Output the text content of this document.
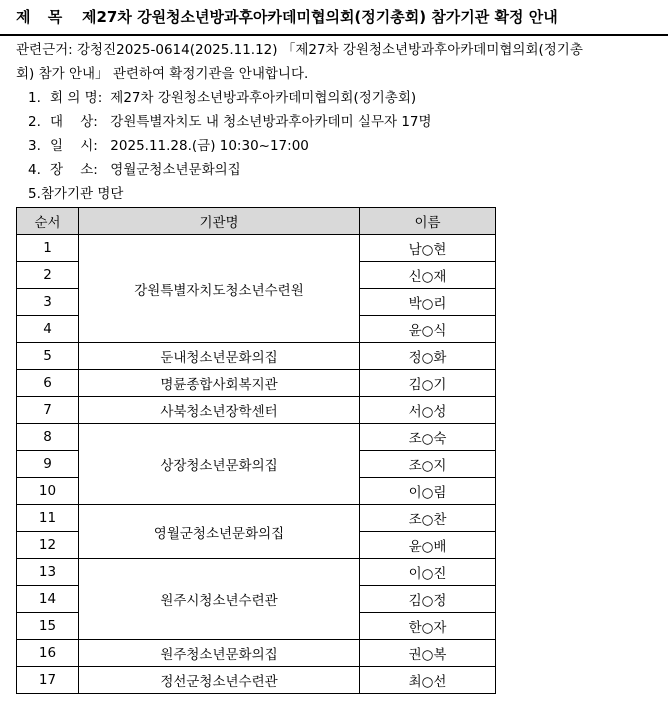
제 목 제27차 강원청소년방과후아카데미협의회(정기총회) 참가기관 확정 안내
관련근거: 강청진2025-0614(2025.11.12) 「제27차 강원청소년방과후아카데미협의회(정기총
회) 참가 안내」 관련하여 확정기관을 안내합니다.
1. 회 의 명: 제27차 강원청소년방과후아카데미협의회(정기총회)
2. 대    상: 강원특별자치도 내 청소년방과후아카데미 실무자 17명
3. 일    시: 2025.11.28.(금) 10:30~17:00
4. 장    소: 영월군청소년문화의집
5.참가기관 명단
순서	기관명	이름
1	강원특별자치도청소년수련원	남○현
2		신○재
3		박○리
4		윤○식
5	둔내청소년문화의집	정○화
6	명륜종합사회복지관	김○기
7	사북청소년장학센터	서○성
8	상장청소년문화의집	조○숙
9		조○지
10		이○림
11	영월군청소년문화의집	조○찬
12		윤○배
13	원주시청소년수련관	이○진
14		김○정
15		한○자
16	원주청소년문화의집	권○복
17	정선군청소년수련관	최○선
